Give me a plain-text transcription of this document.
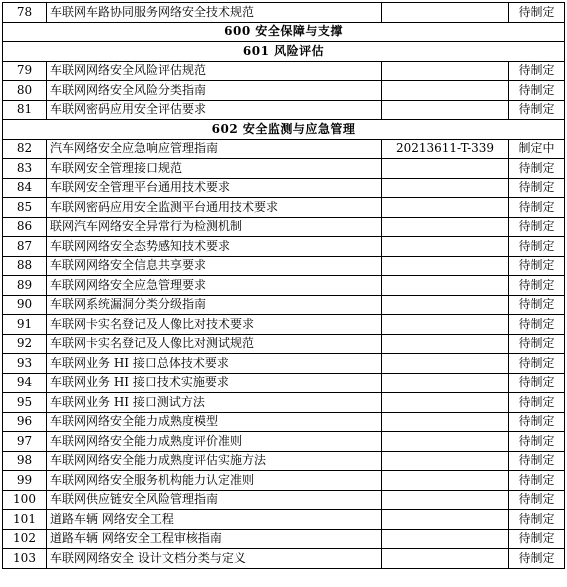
78	车联网车路协同服务网络安全技术规范		待制定
600 安全保障与支撑			
601 风险评估			
79	车联网网络安全风险评估规范		待制定
80	车联网网络安全风险分类指南		待制定
81	车联网密码应用安全评估要求		待制定
602 安全监测与应急管理			
82	汽车网络安全应急响应管理指南	20213611-T-339	制定中
83	车联网安全管理接口规范		待制定
84	车联网安全管理平台通用技术要求		待制定
85	车联网密码应用安全监测平台通用技术要求		待制定
86	联网汽车网络安全异常行为检测机制		待制定
87	车联网网络安全态势感知技术要求		待制定
88	车联网网络安全信息共享要求		待制定
89	车联网网络安全应急管理要求		待制定
90	车联网系统漏洞分类分级指南		待制定
91	车联网卡实名登记及人像比对技术要求		待制定
92	车联网卡实名登记及人像比对测试规范		待制定
93	车联网业务 HI 接口总体技术要求		待制定
94	车联网业务 HI 接口技术实施要求		待制定
95	车联网业务 HI 接口测试方法		待制定
96	车联网网络安全能力成熟度模型		待制定
97	车联网网络安全能力成熟度评价准则		待制定
98	车联网网络安全能力成熟度评估实施方法		待制定
99	车联网网络安全服务机构能力认定准则		待制定
100	车联网供应链安全风险管理指南		待制定
101	道路车辆 网络安全工程		待制定
102	道路车辆 网络安全工程审核指南		待制定
103	车联网网络安全 设计文档分类与定义		待制定
